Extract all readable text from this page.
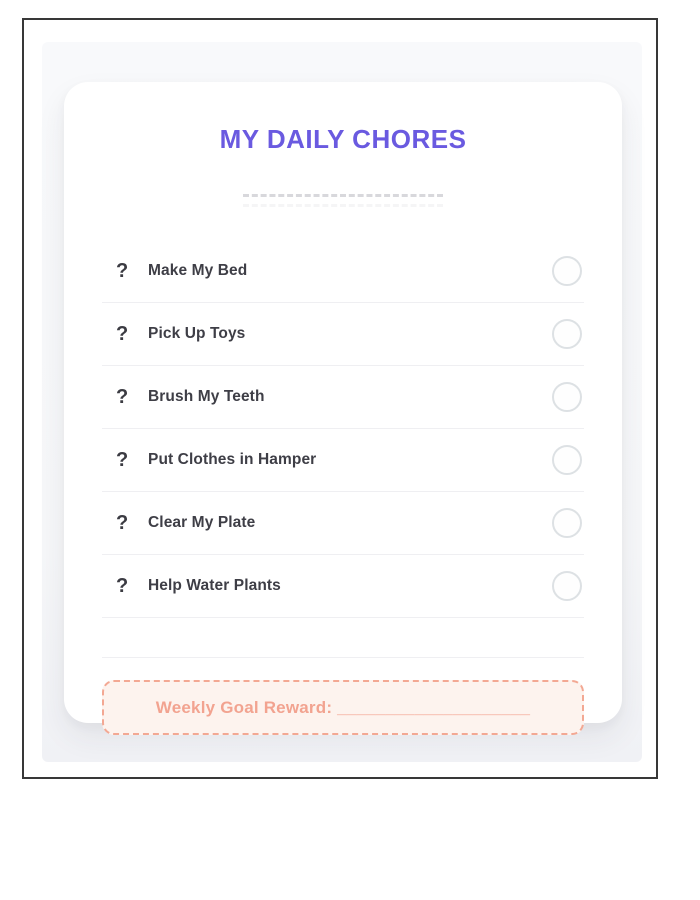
MY DAILY CHORES
?	Make My Bed
?	Pick Up Toys
?	Brush My Teeth
?	Put Clothes in Hamper
?	Clear My Plate
?	Help Water Plants
Weekly Goal Reward: ____________________
